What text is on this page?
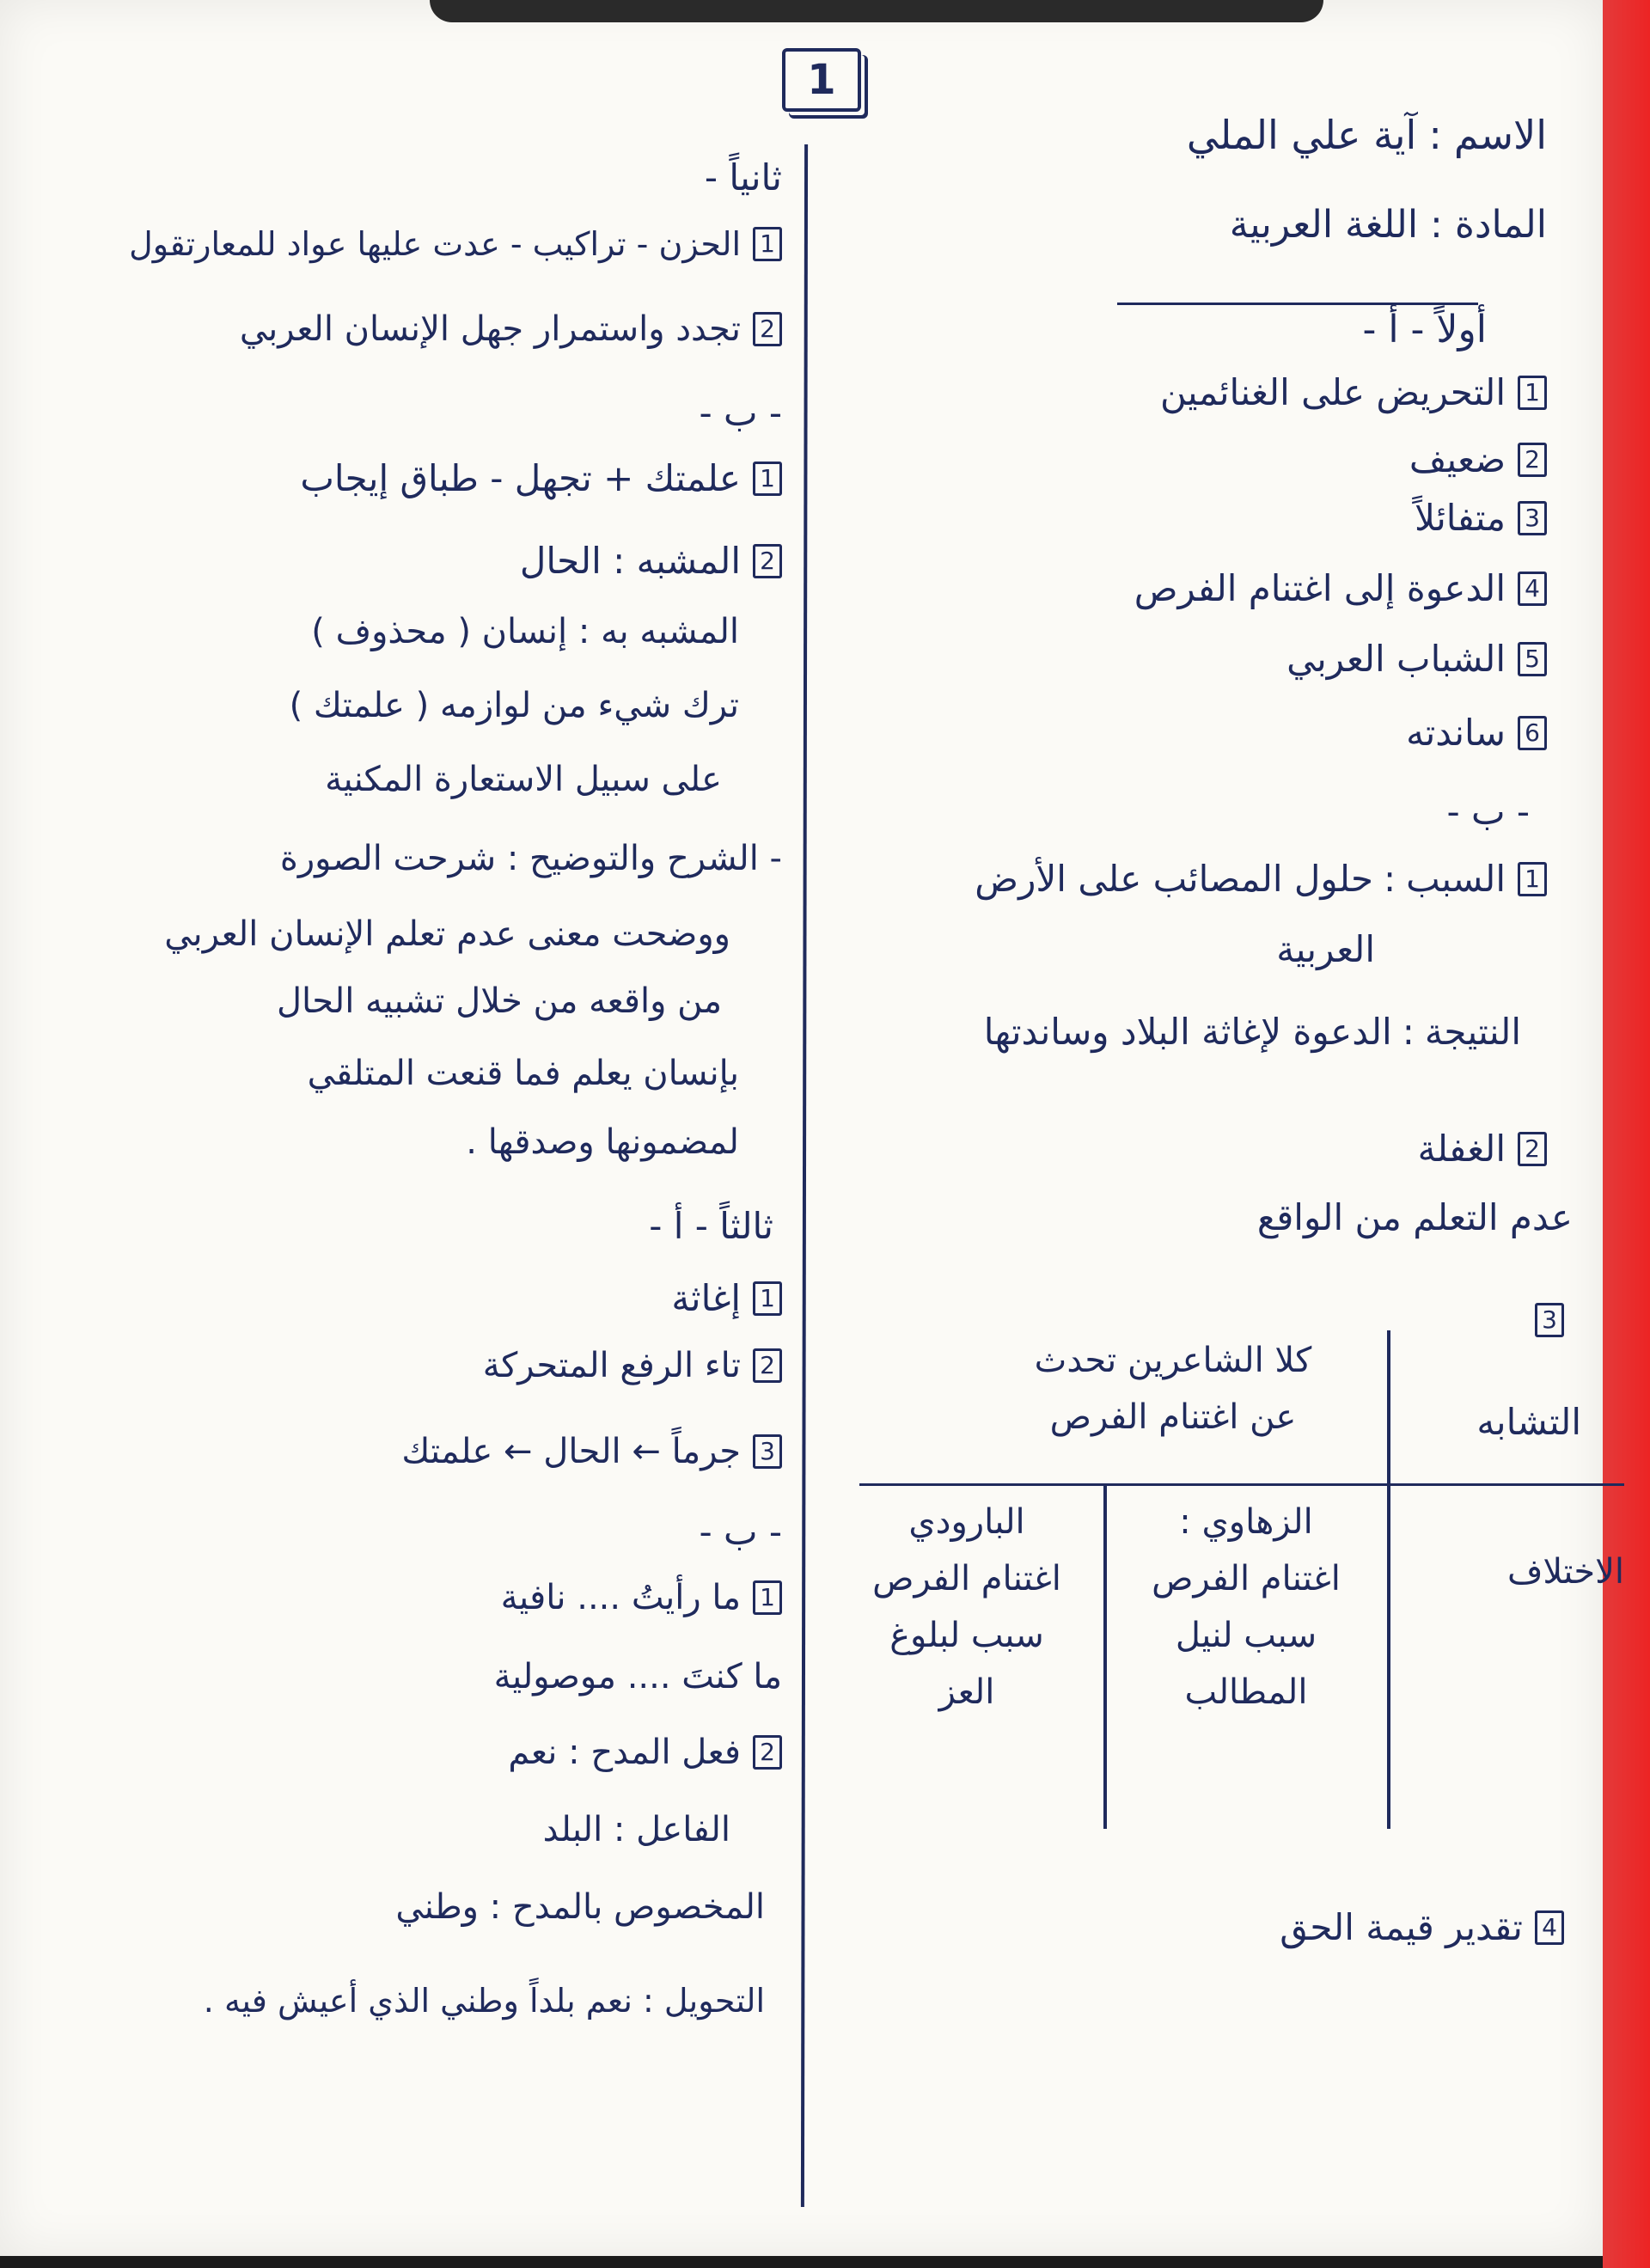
1
الاسم
:
آية علي الملي
المادة
:
اللغة العربية
أولاً - أ -
1
التحريض على الغنائمين
2
ضعيف
3
متفائلاً
4
الدعوة إلى اغتنام الفرص
5
الشباب العربي
6
ساندته
- ب -
1
السبب
:
حلول المصائب على الأرض
العربية
النتيجة
:
الدعوة لإغاثة البلاد وساندتها
2
الغفلة
عدم التعلم من الواقع
3
التشابه
كلا الشاعرين تحدث
عن اغتنام الفرص
الاختلاف
الزهاوي :
اغتنام الفرص
سبب لنيل
المطالب
البارودي
اغتنام الفرص
سبب لبلوغ
العز
4
تقدير قيمة الحق
ثانياً -
1
الحزن - تراكيب - عدت عليها عواد للمعارتقول
2
تجدد واستمرار جهل الإنسان العربي
- ب -
1
علمتك + تجهل - طباق إيجاب
2
المشبه : الحال
المشبه به : إنسان ( محذوف )
ترك شيء من لوازمه ( علمتك )
على سبيل الاستعارة المكنية
- الشرح والتوضيح : شرحت الصورة
ووضحت معنى عدم تعلم الإنسان العربي
من واقعه من خلال تشبيه الحال
بإنسان يعلم فما قنعت المتلقي
لمضمونها وصدقها .
ثالثاً - أ -
1
إغاثة
2
تاء الرفع المتحركة
3
جرماً ← الحال ← علمتك
- ب -
1
ما رأيتُ .... نافية
ما كنتَ .... موصولية
2
فعل المدح : نعم
الفاعل : البلد
المخصوص بالمدح : وطني
التحويل : نعم بلداً وطني الذي أعيش فيه .
